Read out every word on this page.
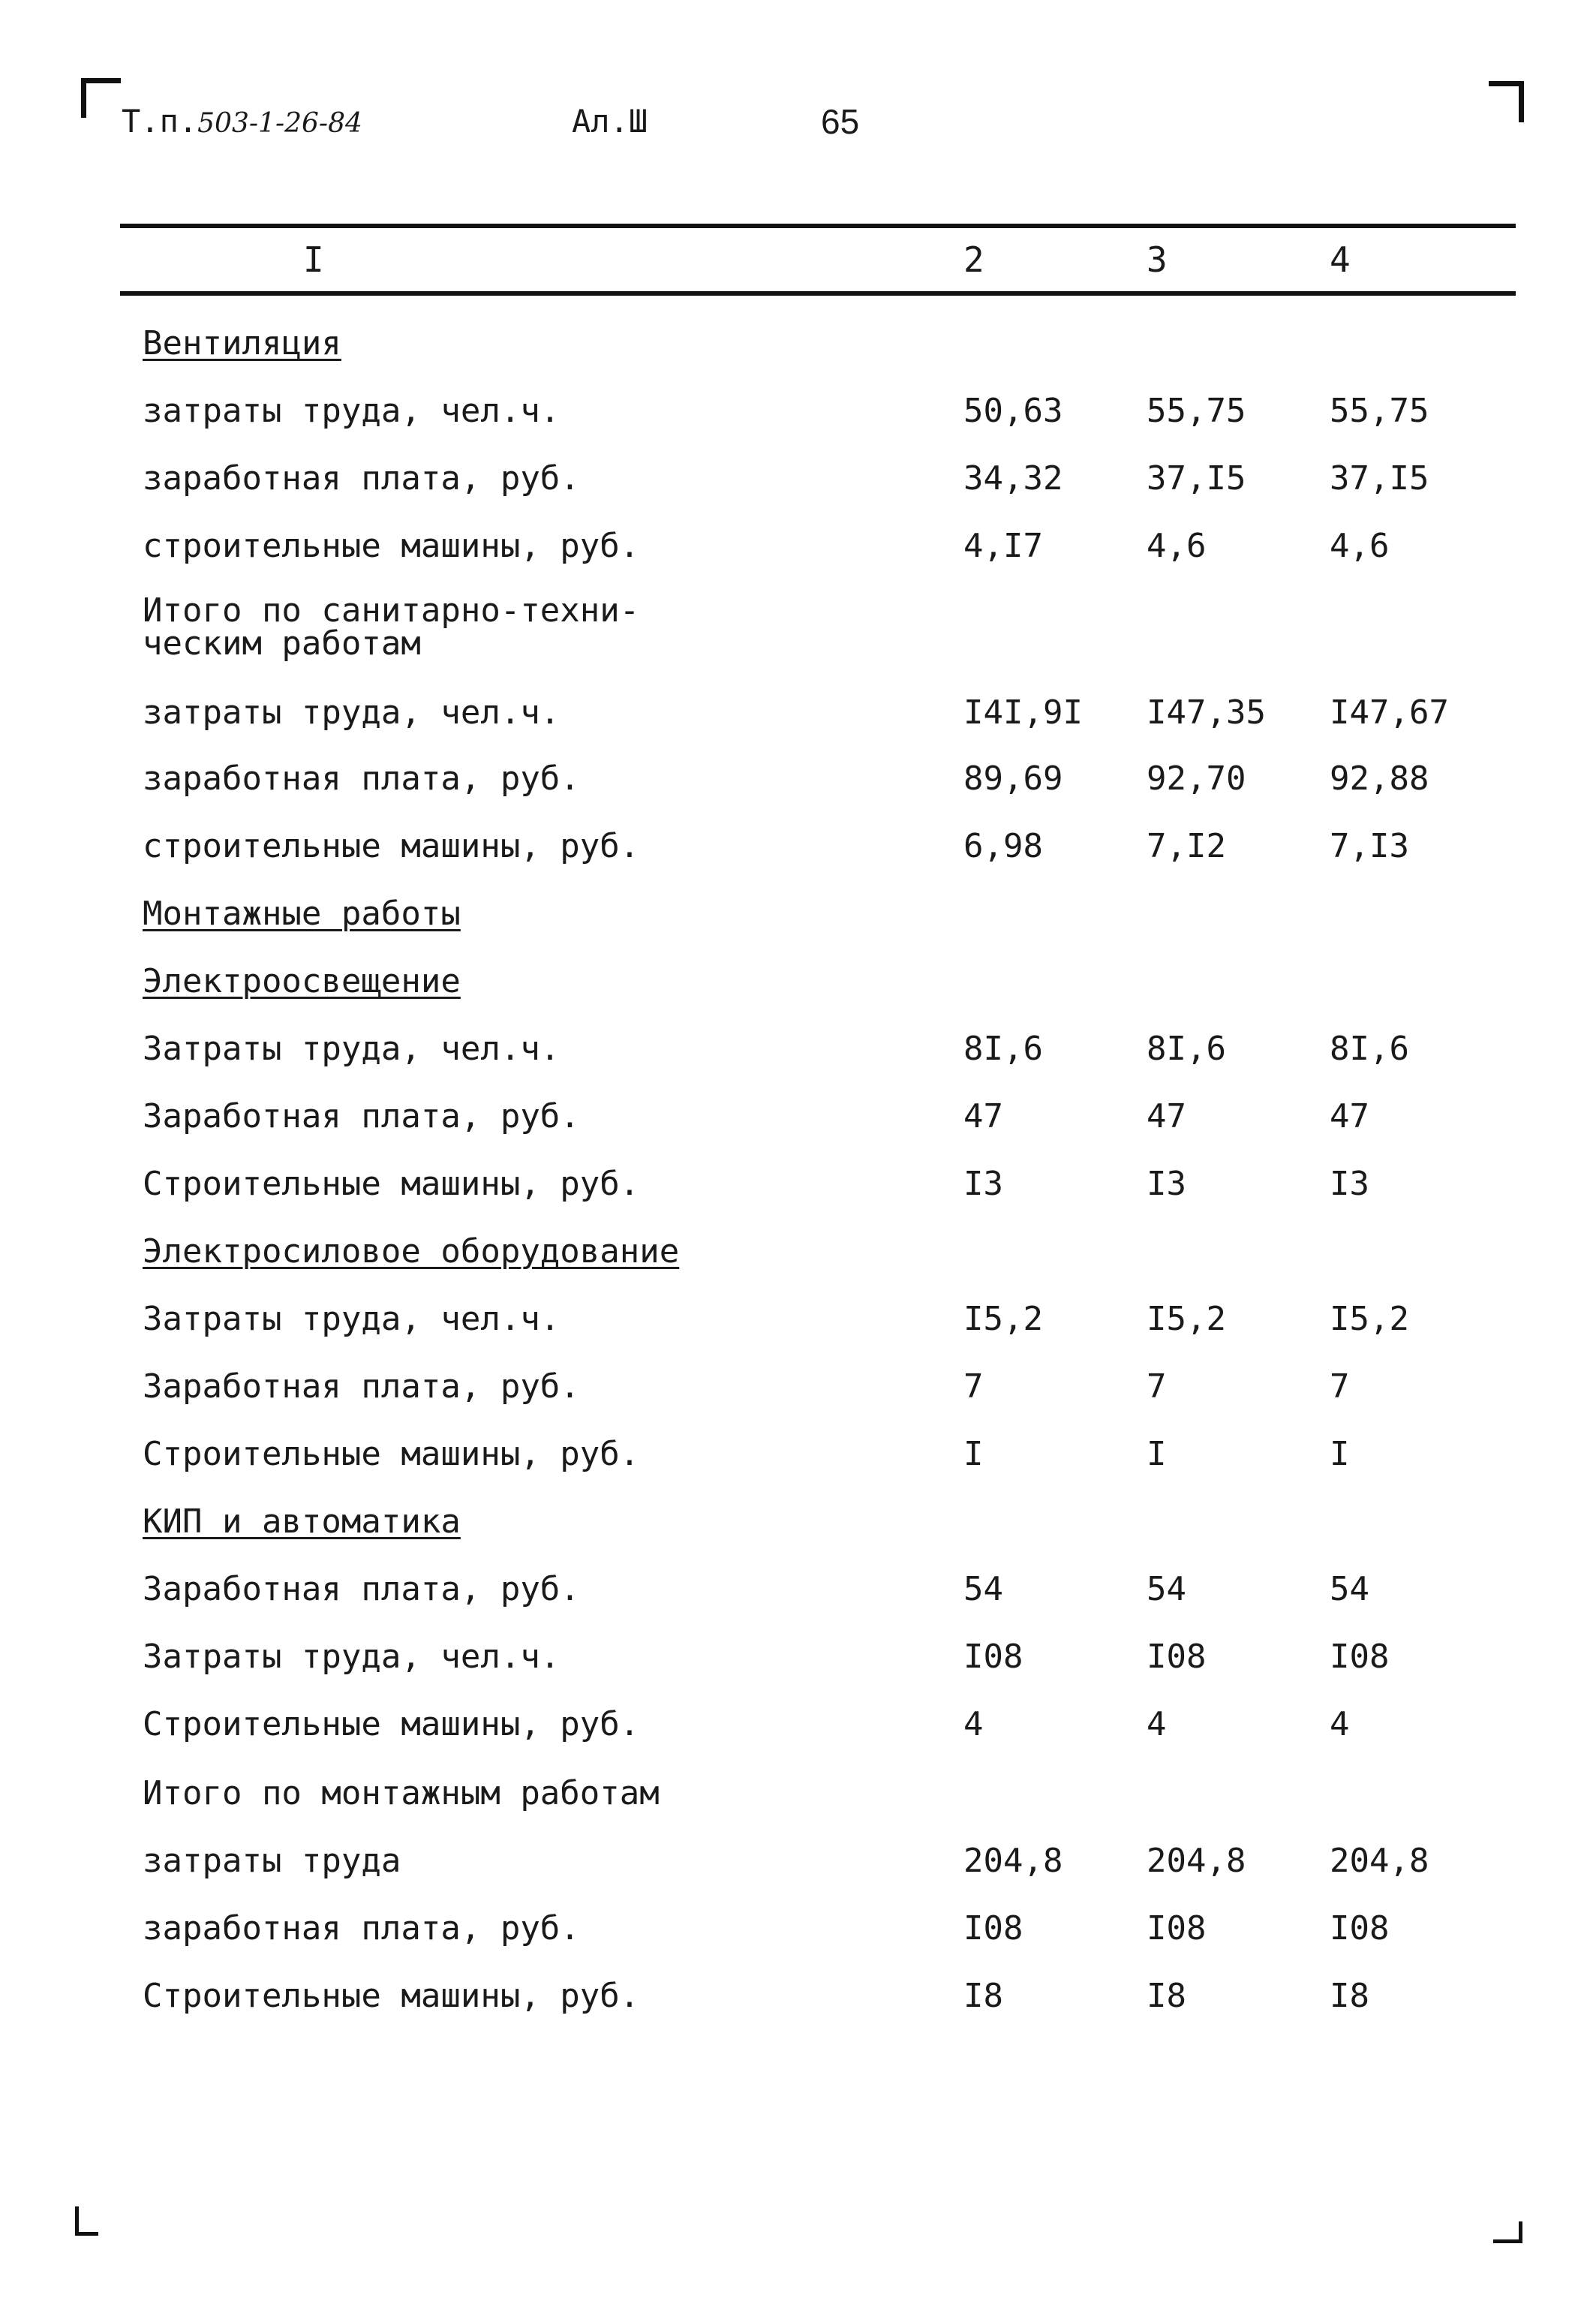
Т.п.503-1-26-84	Ал.Ш	65
I	2	3	4
Вентиляция
затраты труда, чел.ч.	50,63	55,75	55,75
заработная плата, руб.	34,32	37,I5	37,I5
строительные машины, руб.	4,I7	4,6	4,6
Итого по санитарно-техни-
ческим работам
затраты труда, чел.ч.	I4I,9I I47,35 I47,67
заработная плата, руб.	89,69	92,70	92,88
строительные машины, руб.	6,98	7,I2	7,I3
Монтажные работы
Электроосвещение
Затраты труда, чел.ч.	8I,6	8I,6	8I,6
Заработная плата, руб.	47	47	47
Строительные машины, руб.	I3	I3	I3
Электросиловое оборудование
Затраты труда, чел.ч.	I5,2	I5,2	I5,2
Заработная плата, руб.	7	7	7
Строительные машины, руб.	I	I	I
КИП и автоматика
Заработная плата, руб.	54	54	54
Затраты труда, чел.ч.	I08	I08	I08
Строительные машины, руб.	4	4	4
Итого по монтажным работам
затраты труда	204,8	204,8	204,8
заработная плата, руб.	I08	I08	I08
Строительные машины, руб.	I8	I8	I8
